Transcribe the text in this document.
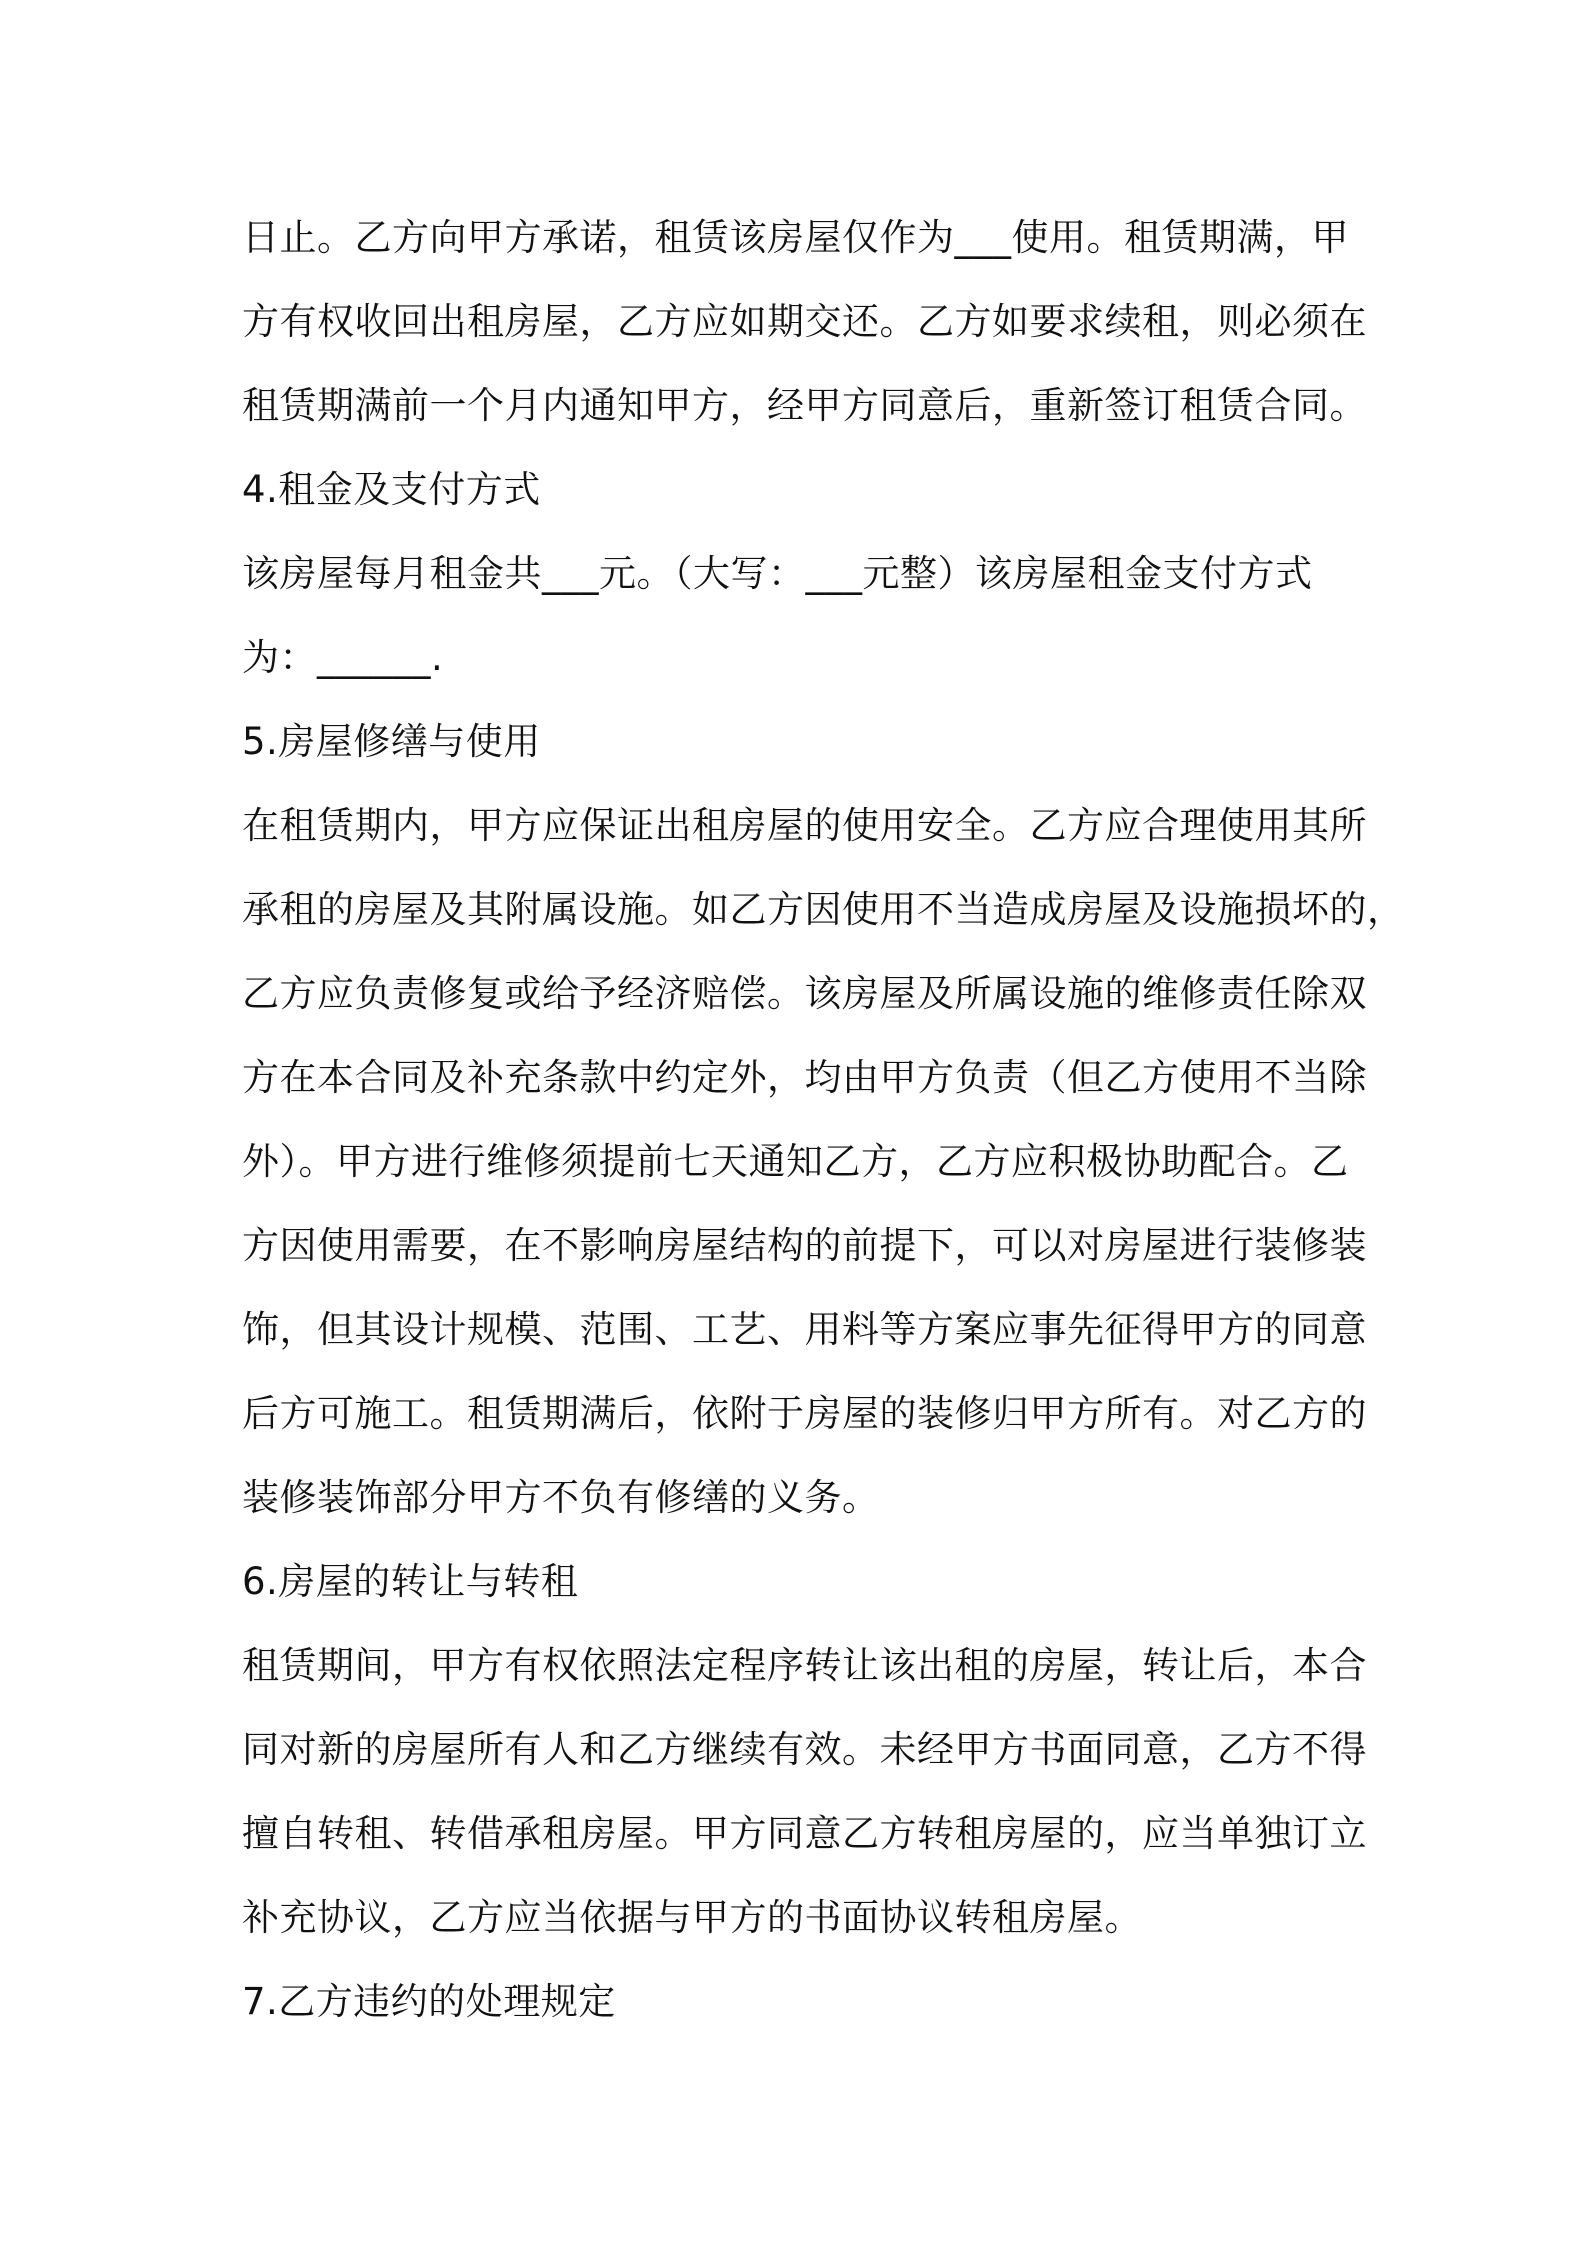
日止。乙方向甲方承诺，租赁该房屋仅作为___使用。租赁期满，甲
方有权收回出租房屋，乙方应如期交还。乙方如要求续租，则必须在
租赁期满前一个月内通知甲方，经甲方同意后，重新签订租赁合同。
4.租金及支付方式
该房屋每月租金共___元。（大写：___元整）该房屋租金支付方式
为：______.
5.房屋修缮与使用
在租赁期内，甲方应保证出租房屋的使用安全。乙方应合理使用其所
承租的房屋及其附属设施。如乙方因使用不当造成房屋及设施损坏的，
乙方应负责修复或给予经济赔偿。该房屋及所属设施的维修责任除双
方在本合同及补充条款中约定外，均由甲方负责（但乙方使用不当除
外）。甲方进行维修须提前七天通知乙方，乙方应积极协助配合。乙
方因使用需要，在不影响房屋结构的前提下，可以对房屋进行装修装
饰，但其设计规模、范围、工艺、用料等方案应事先征得甲方的同意
后方可施工。租赁期满后，依附于房屋的装修归甲方所有。对乙方的
装修装饰部分甲方不负有修缮的义务。
6.房屋的转让与转租
租赁期间，甲方有权依照法定程序转让该出租的房屋，转让后，本合
同对新的房屋所有人和乙方继续有效。未经甲方书面同意，乙方不得
擅自转租、转借承租房屋。甲方同意乙方转租房屋的，应当单独订立
补充协议，乙方应当依据与甲方的书面协议转租房屋。
7.乙方违约的处理规定
